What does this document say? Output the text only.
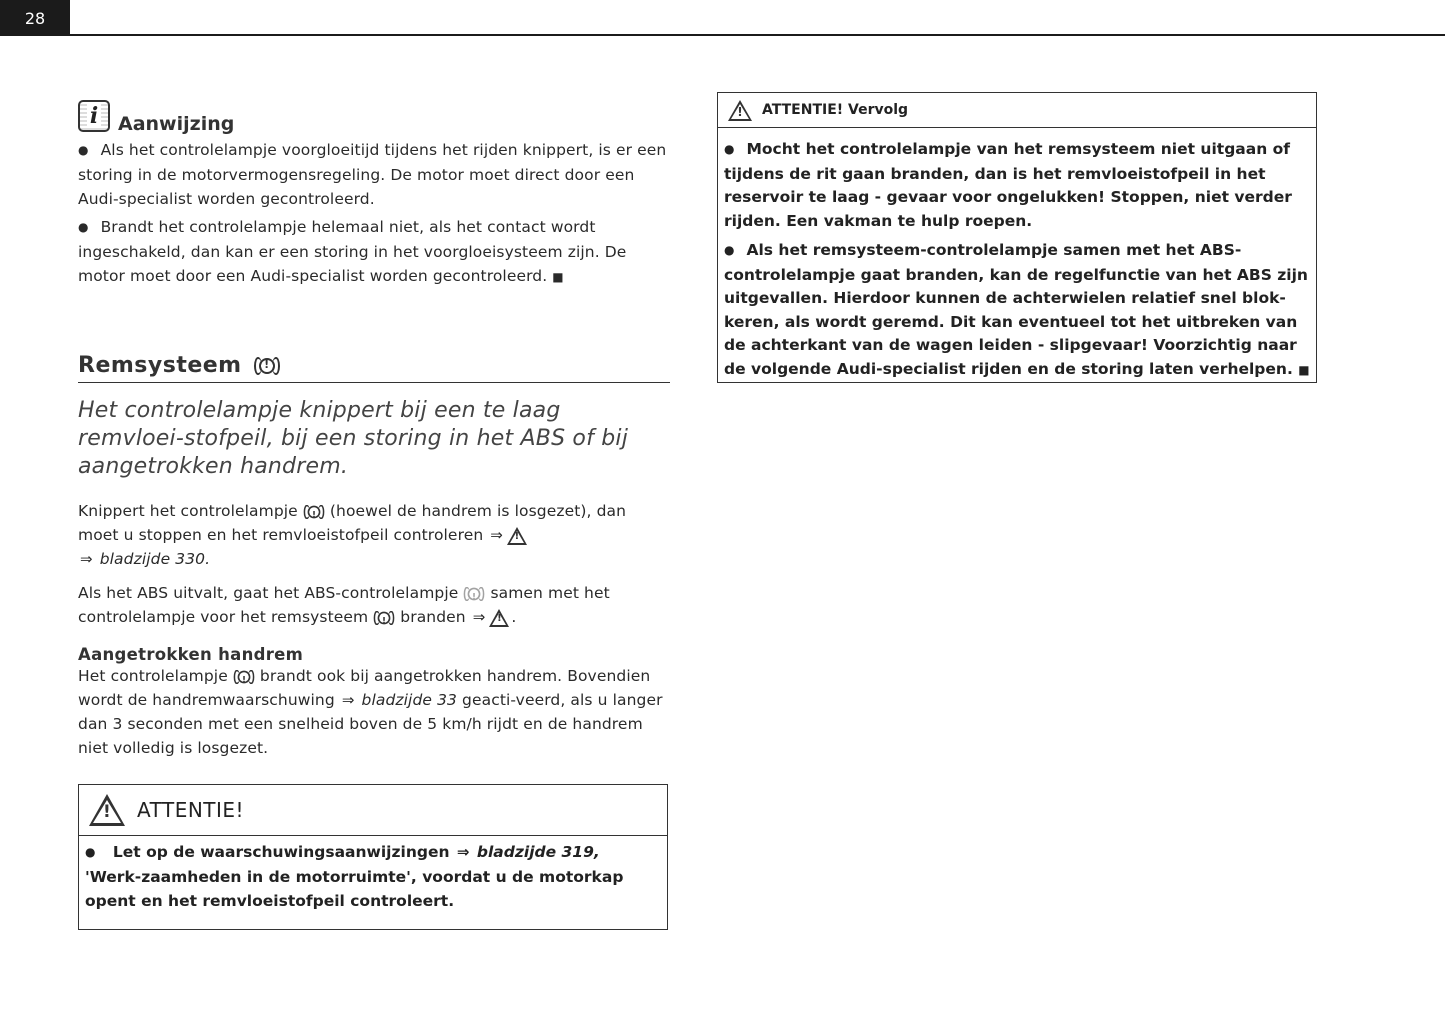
28
i Aanwijzing

● Als het controlelampje voorgloeitijd tijdens het rijden knippert, is er een storing in de motorvermogensregeling. De motor moet direct door een Audi-specialist worden gecontroleerd.

● Brandt het controlelampje helemaal niet, als het contact wordt ingeschakeld, dan kan er een storing in het voorgloeisysteem zijn. De motor moet door een Audi-specialist worden gecontroleerd. ■

Remsysteem
!

Het controlelampje knippert bij een te laag remvloei-stofpeil, bij een storing in het ABS of bij aangetrokken handrem.

Knippert het controlelampje ! (hoewel de handrem is losgezet), dan moet u stoppen en het remvloeistofpeil controleren ⇒!
⇒ bladzijde 330.

Als het ABS uitvalt, gaat het ABS-controlelampje ! samen met het controlelampje voor het remsysteem ! branden ⇒ ! .

Aangetrokken handrem

Het controlelampje ! brandt ook bij aangetrokken handrem. Bovendien wordt de handremwaarschuwing ⇒ bladzijde 33 geacti-veerd, als u langer dan 3 seconden met een snelheid boven de 5 km/h rijdt en de handrem niet volledig is losgezet.

!
ATTENTIE!

● Let op de waarschuwingsaanwijzingen ⇒ bladzijde 319, 'Werk-zaamheden in de motorruimte', voordat u de motorkap opent en het remvloeistofpeil controleert.

!
ATTENTIE! Vervolg

● Mocht het controlelampje van het remsysteem niet uitgaan of tijdens de rit gaan branden, dan is het remvloeistofpeil in het reservoir te laag - gevaar voor ongelukken! Stoppen, niet verder rijden. Een vakman te hulp roepen.

● Als het remsysteem-controlelampje samen met het ABS-controlelampje gaat branden, kan de regelfunctie van het ABS zijn uitgevallen. Hierdoor kunnen de achterwielen relatief snel blok-keren, als wordt geremd. Dit kan eventueel tot het uitbreken van de achterkant van de wagen leiden - slipgevaar! Voorzichtig naar de volgende Audi-specialist rijden en de storing laten verhelpen. ■
